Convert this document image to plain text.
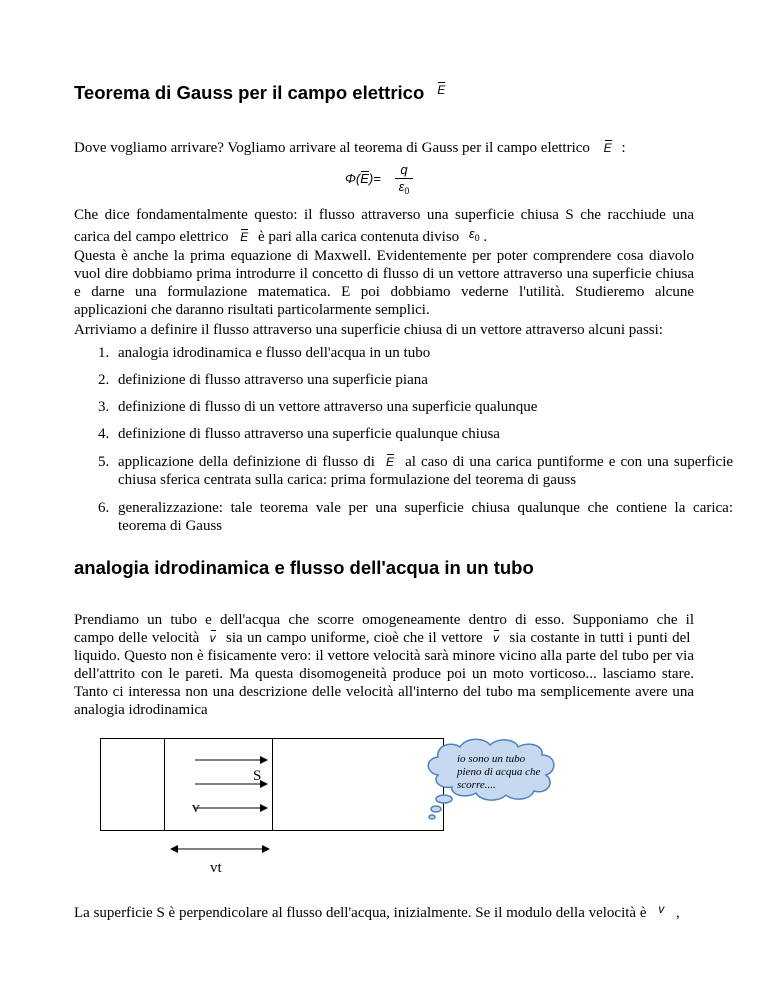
Teorema di Gauss per il campo elettrico E
Dove vogliamo arrivare? Vogliamo arrivare al teorema di Gauss per il campo elettrico E :
Φ(E)=
q
$\varepsilon_0$

Che dice fondamentalmente questo: il flusso attraverso una superficie chiusa S che racchiude una

carica del campo elettrico E è pari alla carica contenuta diviso $\varepsilon_0$ .

Questa è anche la prima equazione di Maxwell. Evidentemente per poter comprendere cosa diavolo vuol dire dobbiamo prima introdurre il concetto di flusso di un vettore attraverso una superficie chiusa e darne una formulazione matematica. E poi dobbiamo vederne l'utilità. Studieremo alcune applicazioni che daranno risultati particolarmente semplici.

Arriviamo a definire il flusso attraverso una superficie chiusa di un vettore attraverso alcuni passi:
1. analogia idrodinamica e flusso dell'acqua in un tubo
2. definizione di flusso attraverso una superficie piana
3. definizione di flusso di un vettore attraverso una superficie qualunque
4. definizione di flusso attraverso una superficie qualunque chiusa
5. applicazione della definizione di flusso di E al caso di una carica puntiforme e con una superficie chiusa sferica centrata sulla carica: prima formulazione del teorema di gauss
6. generalizzazione: tale teorema vale per una superficie chiusa qualunque che contiene la carica: teorema di Gauss
analogia idrodinamica e flusso dell'acqua in un tubo

Prendiamo un tubo e dell'acqua che scorre omogeneamente dentro di esso. Supponiamo che il

campo delle velocità v sia un campo uniforme, cioè che il vettore v sia costante in tutti i punti del

liquido. Questo non è fisicamente vero: il vettore velocità sarà minore vicino alla parte del tubo per via dell'attrito con le pareti. Ma questa disomogeneità produce poi un moto vorticoso... lasciamo stare. Tanto ci interessa non una descrizione delle velocità all'interno del tubo ma semplicemente avere una analogia idrodinamica

S
v
vt
io sono un tubo pieno di acqua che scorre....
La superficie S è perpendicolare al flusso dell'acqua, inizialmente. Se il modulo della velocità è $^v$ ,
